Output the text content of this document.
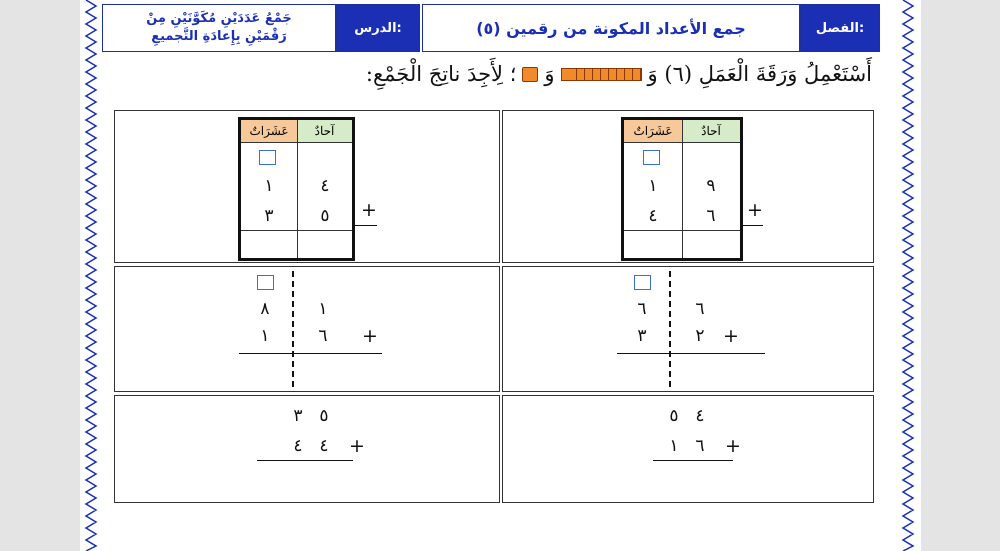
جَمْعُ عَدَدَيْنِ مُكَوَّنَيْنِ مِنْ
رَقْمَيْنِ بِإِعادَةِ التَّجميعِ
الدرس:	(٥) جمع الأعداد المكونة من رقمين	الفصل:
أَسْتَعْمِلُ وَرَقَةَ الْعَمَلِ (٦) وَ
وَ
؛ لِأَجِدَ ناتِجَ الْجَمْعِ:
عَشَرَاتٌ	آحادٌ
١	٩
٤	٦	+
عَشَرَاتٌ	آحادٌ
١	٤
٣	٥	+
٦	٦
٣	٢ +
٨	١
١	٦	+
٥ ٤
١ ٦	+
٣ ٥
٤ ٤	+
